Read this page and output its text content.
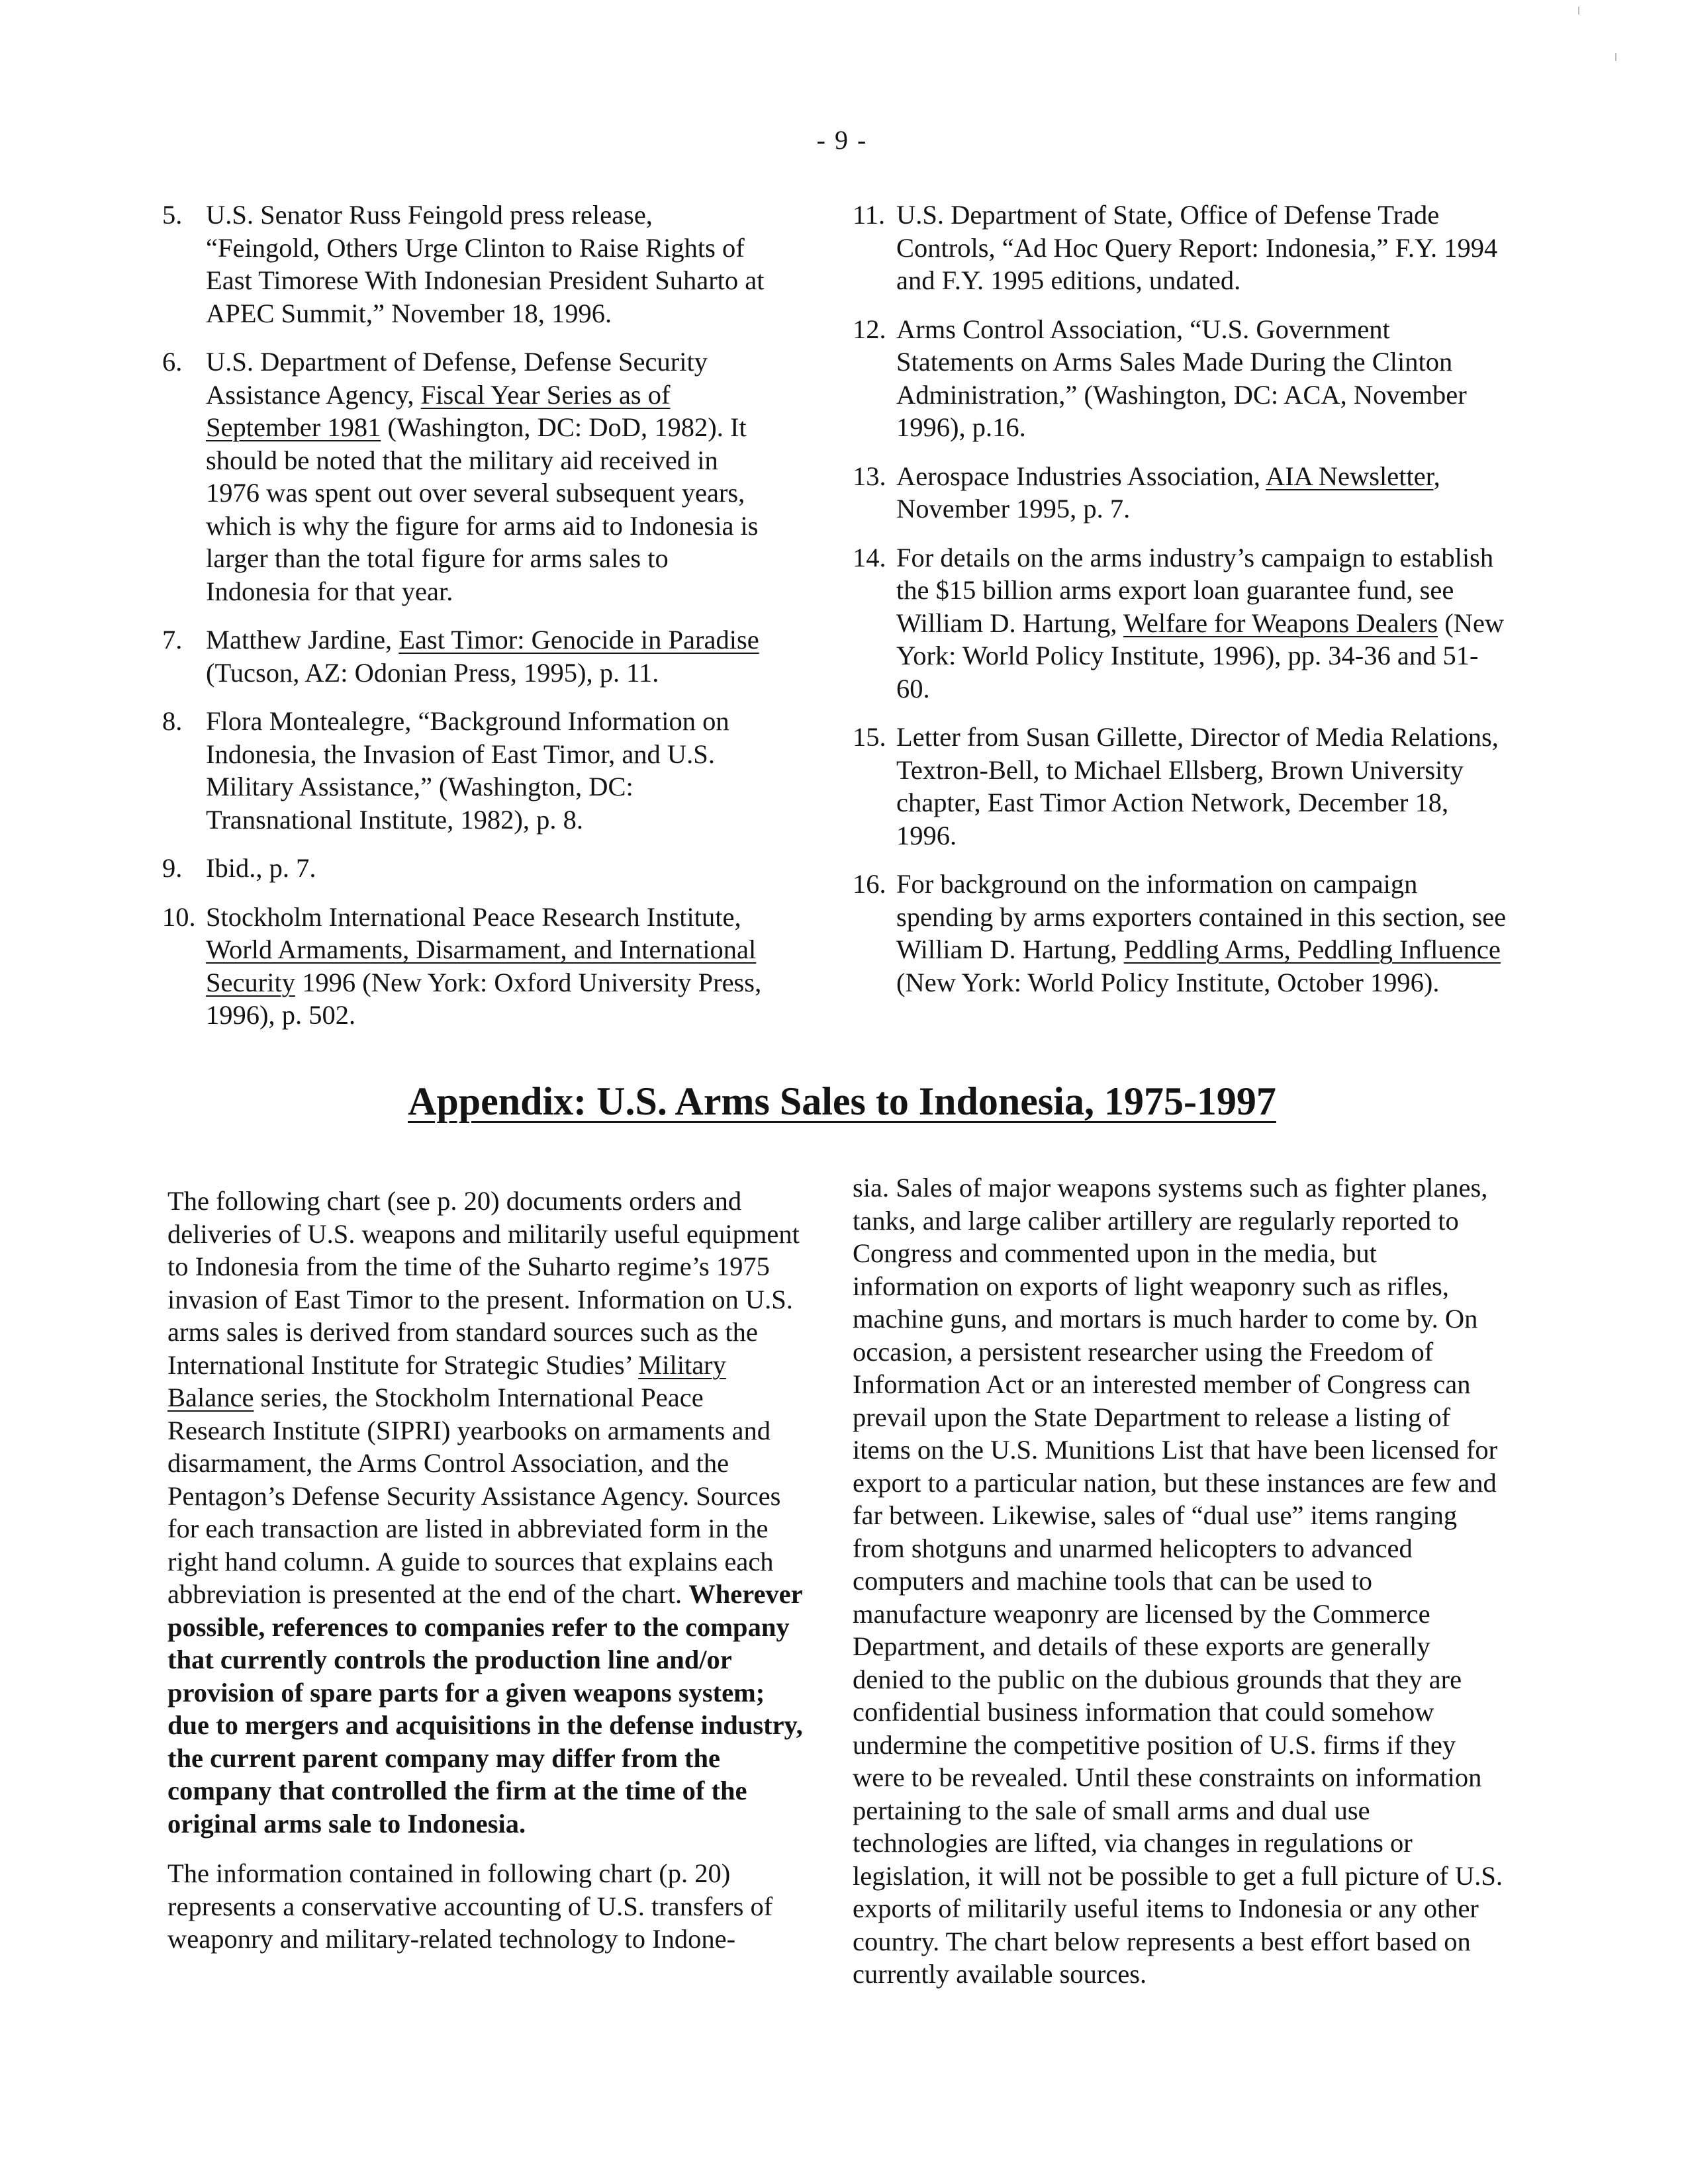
- 9 -
5. U.S. Senator Russ Feingold press release, “Feingold, Others Urge Clinton to Raise Rights of East Timorese With Indonesian President Suharto at APEC Summit,” November 18, 1996.
6. U.S. Department of Defense, Defense Security Assistance Agency, Fiscal Year Series as of September 1981 (Washington, DC: DoD, 1982). It should be noted that the military aid received in 1976 was spent out over several subsequent years, which is why the figure for arms aid to Indonesia is larger than the total figure for arms sales to Indonesia for that year.
7. Matthew Jardine, East Timor: Genocide in Paradise (Tucson, AZ: Odonian Press, 1995), p. 11.
8. Flora Montealegre, “Background Information on Indonesia, the Invasion of East Timor, and U.S. Military Assistance,” (Washington, DC: Transnational Institute, 1982), p. 8.
9. Ibid., p. 7.
10. Stockholm International Peace Research Institute, World Armaments, Disarmament, and International Security 1996 (New York: Oxford University Press, 1996), p. 502.
11. U.S. Department of State, Office of Defense Trade Controls, “Ad Hoc Query Report: Indonesia,” F.Y. 1994 and F.Y. 1995 editions, undated.
12. Arms Control Association, “U.S. Government Statements on Arms Sales Made During the Clinton Administration,” (Washington, DC: ACA, November 1996), p.16.
13. Aerospace Industries Association, AIA Newsletter, November 1995, p. 7.
14. For details on the arms industry’s campaign to establish the $15 billion arms export loan guarantee fund, see William D. Hartung, Welfare for Weapons Dealers (New York: World Policy Institute, 1996), pp. 34-36 and 51-60.
15. Letter from Susan Gillette, Director of Media Relations, Textron-Bell, to Michael Ellsberg, Brown University chapter, East Timor Action Network, December 18, 1996.
16. For background on the information on campaign spending by arms exporters contained in this section, see William D. Hartung, Peddling Arms, Peddling Influence (New York: World Policy Institute, October 1996).
Appendix: U.S. Arms Sales to Indonesia, 1975-1997

The following chart (see p. 20) documents orders and deliveries of U.S. weapons and militarily useful equipment to Indonesia from the time of the Suharto regime’s 1975 invasion of East Timor to the present. Information on U.S. arms sales is derived from standard sources such as the International Institute for Strategic Studies’ Military Balance series, the Stockholm International Peace Research Institute (SIPRI) yearbooks on armaments and disarmament, the Arms Control Association, and the Pentagon’s Defense Security Assistance Agency. Sources for each transaction are listed in abbreviated form in the right hand column. A guide to sources that explains each abbreviation is presented at the end of the chart. Wherever possible, references to companies refer to the company that currently controls the production line and/or provision of spare parts for a given weapons system; due to mergers and acquisitions in the defense industry, the current parent company may differ from the company that controlled the firm at the time of the original arms sale to Indonesia.

The information contained in following chart (p. 20) represents a conservative accounting of U.S. transfers of weaponry and military-related technology to Indone-

sia. Sales of major weapons systems such as fighter planes, tanks, and large caliber artillery are regularly reported to Congress and commented upon in the media, but information on exports of light weaponry such as rifles, machine guns, and mortars is much harder to come by. On occasion, a persistent researcher using the Freedom of Information Act or an interested member of Congress can prevail upon the State Department to release a listing of items on the U.S. Munitions List that have been licensed for export to a particular nation, but these instances are few and far between. Likewise, sales of “dual use” items ranging from shotguns and unarmed helicopters to advanced computers and machine tools that can be used to manufacture weaponry are licensed by the Commerce Department, and details of these exports are generally denied to the public on the dubious grounds that they are confidential business information that could somehow undermine the competitive position of U.S. firms if they were to be revealed. Until these constraints on information pertaining to the sale of small arms and dual use technologies are lifted, via changes in regulations or legislation, it will not be possible to get a full picture of U.S. exports of militarily useful items to Indonesia or any other country. The chart below represents a best effort based on currently available sources.
